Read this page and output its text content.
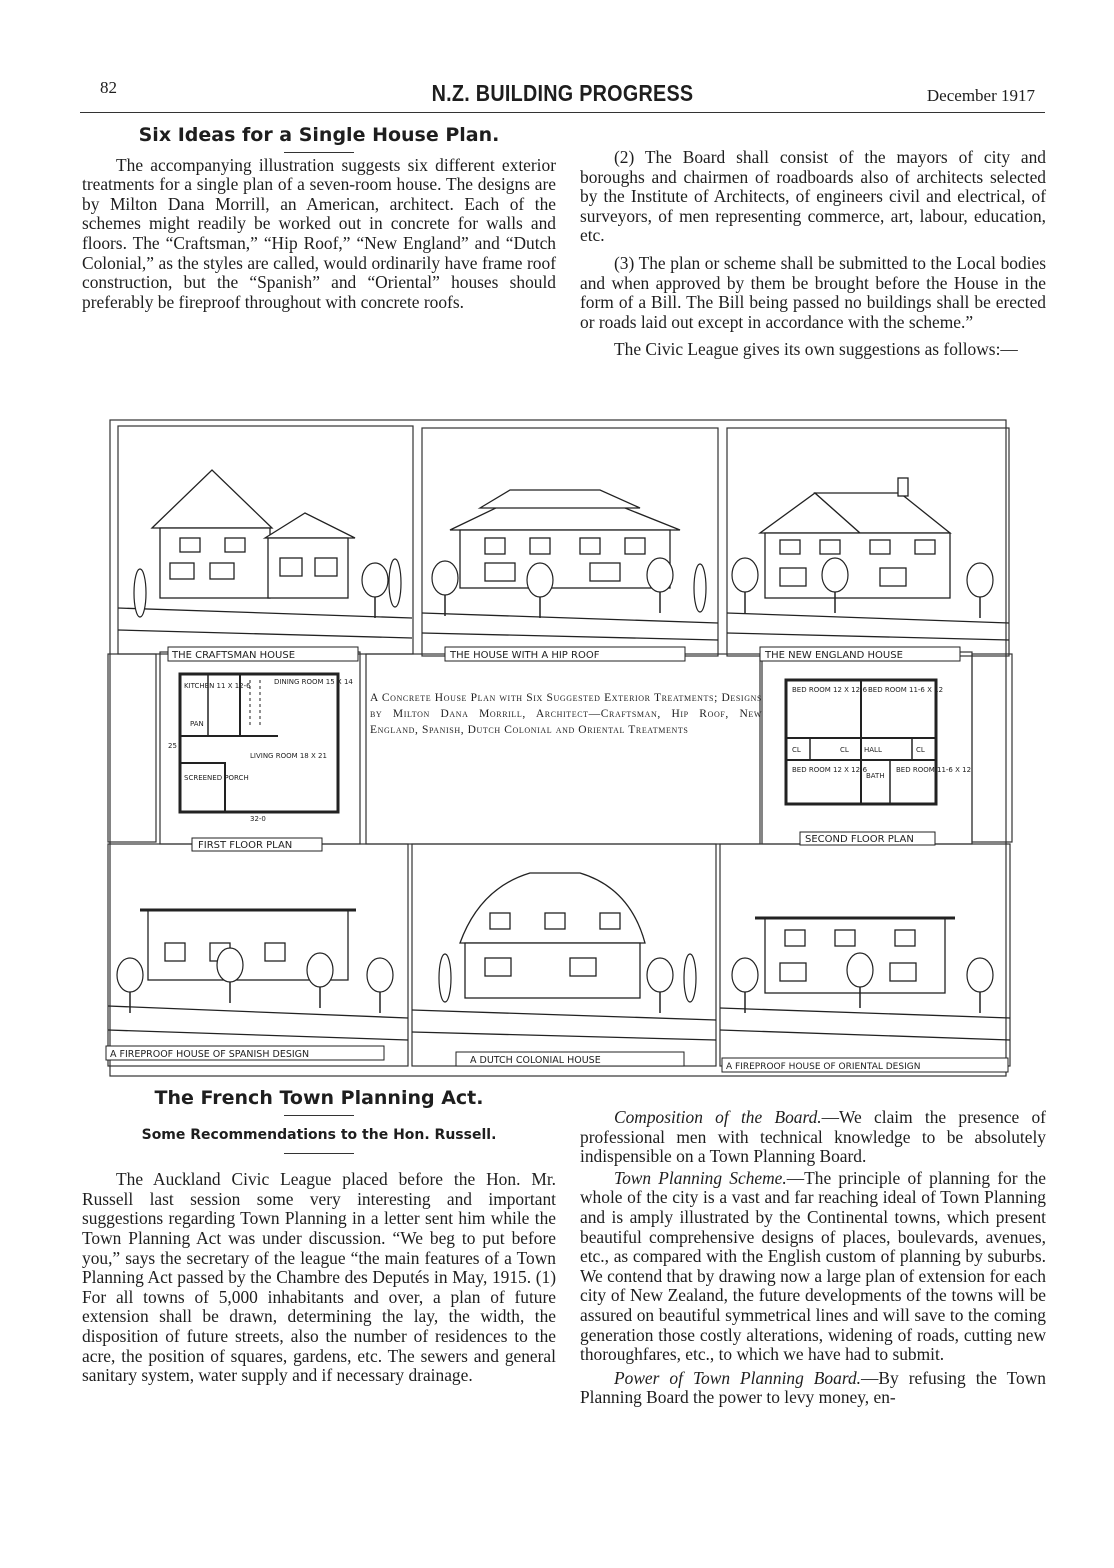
82	N.Z. BUILDING PROGRESS	December 1917
Six Ideas for a Single House Plan.

The accompanying illustration suggests six different exterior treatments for a single plan of a seven-room house. The designs are by Milton Dana Morrill, an American, architect. Each of the schemes might readily be worked out in concrete for walls and floors. The “Craftsman,” “Hip Roof,” “New England” and “Dutch Colonial,” as the styles are called, would ordinarily have frame roof construction, but the “Spanish” and “Oriental” houses should preferably be fireproof throughout with concrete roofs.

(2) The Board shall consist of the mayors of city and boroughs and chairmen of roadboards also of architects selected by the Institute of Architects, of engineers civil and electrical, of surveyors, of men representing commerce, art, labour, education, etc.

(3) The plan or scheme shall be submitted to the Local bodies and when approved by them be brought before the House in the form of a Bill. The Bill being passed no buildings shall be erected or roads laid out except in accordance with the scheme.”

The Civic League gives its own suggestions as follows:—

KITCHEN 11 X 12-6	DINING ROOM 15 X 14
PAN
LIVING ROOM 18 X 21
SCREENED PORCH
32-0
25
BED ROOM 12 X 12-6 BED ROOM 11-6 X 12
HALL
CL	CL	CL
BED ROOM 12 X 12-6
BATH
BED ROOM 11-6 X 12
THE CRAFTSMAN HOUSE	THE HOUSE WITH A HIP ROOF	THE NEW ENGLAND HOUSE
FIRST FLOOR PLAN
SECOND FLOOR PLAN
A FIREPROOF HOUSE OF SPANISH DESIGN
A DUTCH COLONIAL HOUSE
A FIREPROOF HOUSE OF ORIENTAL DESIGN
A Concrete House Plan with Six Suggested Exterior Treatments; Designs by Milton Dana Morrill, Architect—Craftsman, Hip Roof, New England, Spanish, Dutch Colonial and Oriental Treatments
The French Town Planning Act.
Some Recommendations to the Hon. Russell.

The Auckland Civic League placed before the Hon. Mr. Russell last session some very interesting and important suggestions regarding Town Planning in a letter sent him while the Town Planning Act was under discussion. “We beg to put before you,” says the secretary of the league “the main features of a Town Planning Act passed by the Chambre des Deputés in May, 1915. (1) For all towns of 5,000 inhabitants and over, a plan of future extension shall be drawn, determining the lay, the width, the disposition of future streets, also the number of residences to the acre, the position of squares, gardens, etc. The sewers and general sanitary system, water supply and if necessary drainage.

Composition of the Board.—We claim the presence of professional men with technical knowledge to be absolutely indispensible on a Town Planning Board.

Town Planning Scheme.—The principle of planning for the whole of the city is a vast and far reaching ideal of Town Planning and is amply illustrated by the Continental towns, which present beautiful comprehensive designs of places, boulevards, avenues, etc., as compared with the English custom of planning by suburbs. We contend that by drawing now a large plan of extension for each city of New Zealand, the future developments of the towns will be assured on beautiful symmetrical lines and will save to the coming generation those costly alterations, widening of roads, cutting new thoroughfares, etc., to which we have had to submit.

Power of Town Planning Board.—By refusing the Town Planning Board the power to levy money, en-
